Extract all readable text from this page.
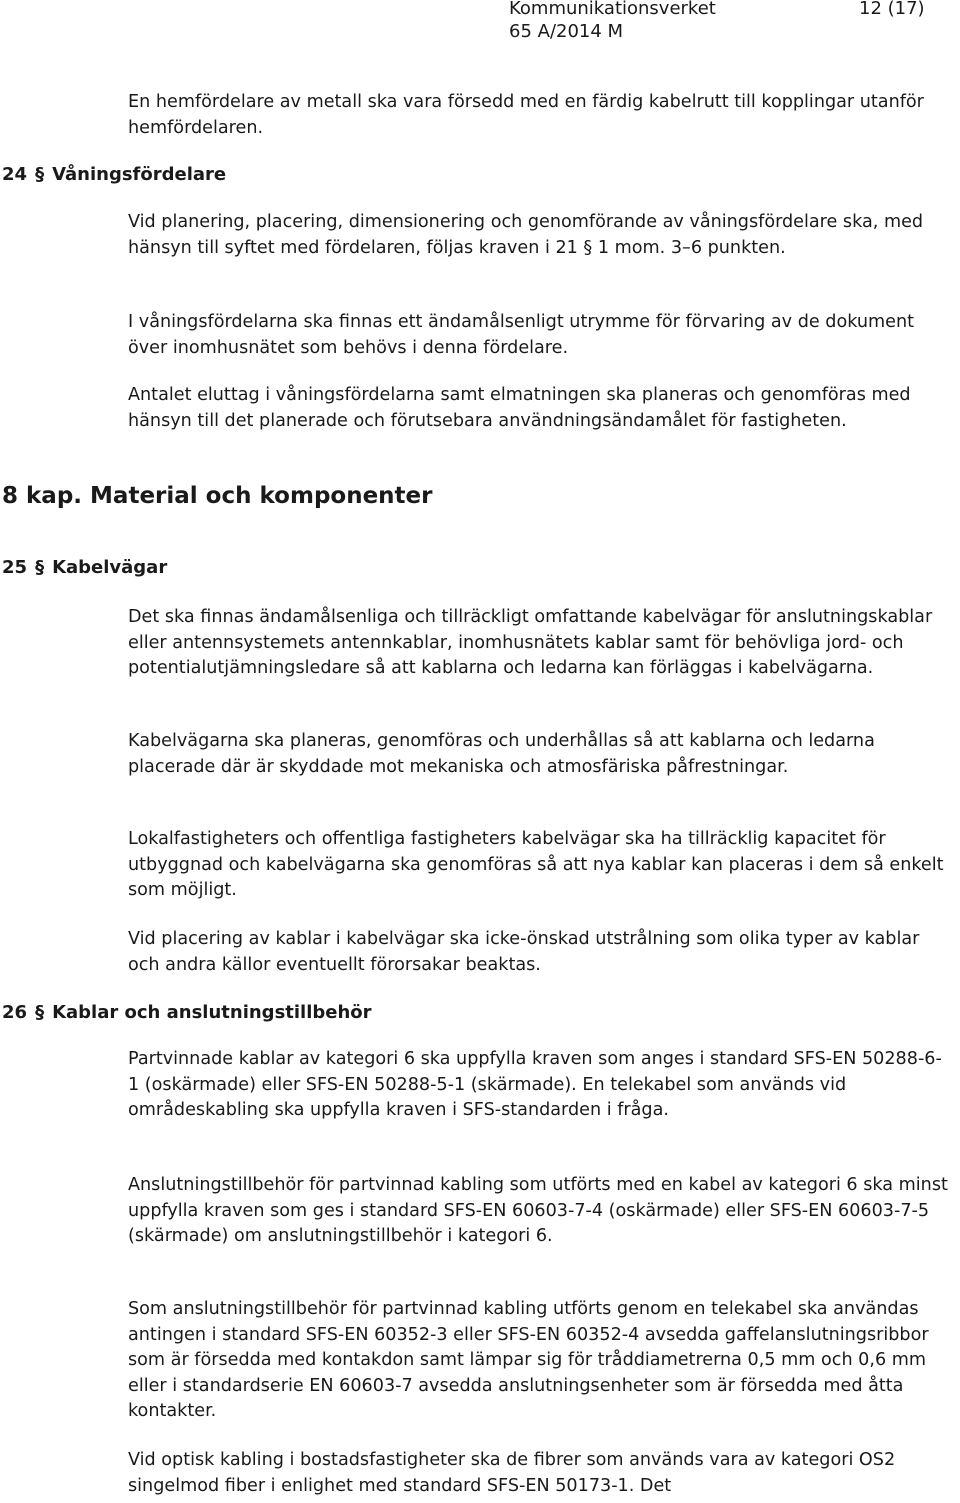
Kommunikationsverket	12 (17)
65 A/2014 M

En hemfördelare av metall ska vara försedd med en färdig kabelrutt till kopplingar utanför hemfördelaren.

24 § Våningsfördelare

Vid planering, placering, dimensionering och genomförande av våningsfördelare ska, med hänsyn till syftet med fördelaren, följas kraven i 21 § 1 mom. 3–6 punkten.

I våningsfördelarna ska finnas ett ändamålsenligt utrymme för förvaring av de dokument över inomhusnätet som behövs i denna fördelare.

Antalet eluttag i våningsfördelarna samt elmatningen ska planeras och genomföras med hänsyn till det planerade och förutsebara användningsändamålet för fastigheten.

8 kap. Material och komponenter
25 § Kabelvägar

Det ska finnas ändamålsenliga och tillräckligt omfattande kabelvägar för anslutningskablar eller antennsystemets antennkablar, inomhusnätets kablar samt för behövliga jord- och potentialutjämningsledare så att kablarna och ledarna kan förläggas i kabelvägarna.

Kabelvägarna ska planeras, genomföras och underhållas så att kablarna och ledarna placerade där är skyddade mot mekaniska och atmosfäriska påfrestningar.

Lokalfastigheters och offentliga fastigheters kabelvägar ska ha tillräcklig kapacitet för utbyggnad och kabelvägarna ska genomföras så att nya kablar kan placeras i dem så enkelt som möjligt.

Vid placering av kablar i kabelvägar ska icke-önskad utstrålning som olika typer av kablar och andra källor eventuellt förorsakar beaktas.

26 § Kablar och anslutningstillbehör

Partvinnade kablar av kategori 6 ska uppfylla kraven som anges i standard SFS-EN 50288-6-1 (oskärmade) eller SFS-EN 50288-5-1 (skärmade). En telekabel som används vid områdeskabling ska uppfylla kraven i SFS-standarden i fråga.

Anslutningstillbehör för partvinnad kabling som utförts med en kabel av kategori 6 ska minst uppfylla kraven som ges i standard SFS-EN 60603-7-4 (oskärmade) eller SFS-EN 60603-7-5 (skärmade) om anslutningstillbehör i kategori 6.

Som anslutningstillbehör för partvinnad kabling utförts genom en telekabel ska användas antingen i standard SFS-EN 60352-3 eller SFS-EN 60352-4 avsedda gaffelanslutningsribbor som är försedda med kontakdon samt lämpar sig för tråddiametrerna 0,5 mm och 0,6 mm eller i standardserie EN 60603-7 avsedda anslutningsenheter som är försedda med åtta kontakter.

Vid optisk kabling i bostadsfastigheter ska de fibrer som används vara av kategori OS2 singelmod fiber i enlighet med standard SFS-EN 50173-1. Det
